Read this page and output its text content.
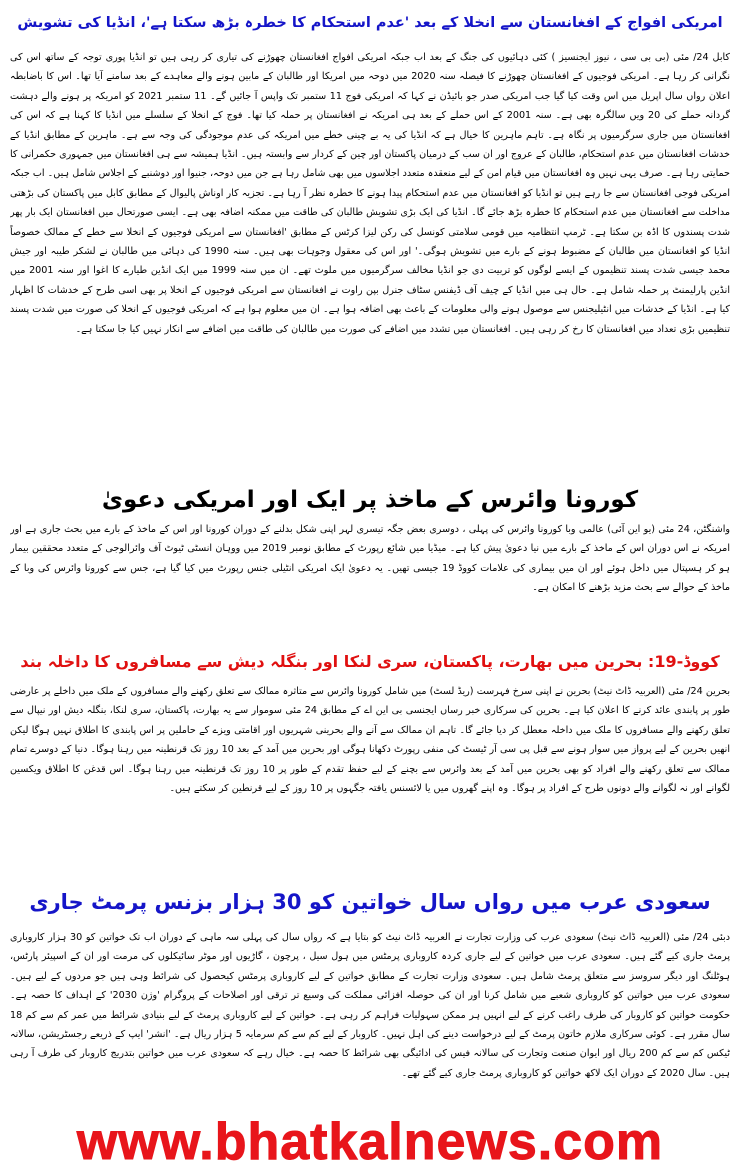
امریکی افواج کے افغانستان سے انخلا کے بعد 'عدم استحکام کا خطرہ بڑھ سکتا ہے'، انڈیا کی تشویش
کابل 24/ مئی (بی بی سی ، نیوز ایجنسیز ) کئی دہائیوں کی جنگ کے بعد اب جبکہ امریکی افواج افغانستان چھوڑنے کی تیاری کر رہی ہیں تو انڈیا پوری توجہ کے ساتھ اس کی نگرانی کر رہا ہے۔ امریکی فوجیوں کے افغانستان چھوڑنے کا فیصلہ سنہ 2020 میں دوحہ میں امریکا اور طالبان کے مابین ہونے والے معاہدے کے بعد سامنے آیا تھا۔ اس کا باضابطہ اعلان رواں سال اپریل میں اس وقت کیا گیا جب امریکی صدر جو بائیڈن نے کہا کہ امریکی فوج 11 ستمبر تک واپس آ جائیں گے۔ 11 ستمبر 2021 کو امریکہ پر ہونے والے دہشت گردانہ حملے کی 20 ویں سالگرہ بھی ہے۔ سنہ 2001 کے اس حملے کے بعد ہی امریکہ نے افغانستان پر حملہ کیا تھا۔ فوج کے انخلا کے سلسلے میں انڈیا کا کہنا ہے کہ اس کی افغانستان میں جاری سرگرمیوں پر نگاہ ہے۔ تاہم ماہرین کا خیال ہے کہ انڈیا کی یہ بے چینی خطے میں امریکہ کی عدم موجودگی کی وجہ سے ہے۔ ماہرین کے مطابق انڈیا کے خدشات افغانستان میں عدم استحکام، طالبان کے عروج اور ان سب کے درمیان پاکستان اور چین کے کردار سے وابستہ ہیں۔ انڈیا ہمیشہ سے ہی افغانستان میں جمہوری حکمرانی کا حمایتی رہا ہے۔ صرف یہی نہیں وہ افغانستان میں قیام امن کے لیے منعقدہ متعدد اجلاسوں میں بھی شامل رہا ہے جن میں دوحہ، جنیوا اور دوشنبے کے اجلاس شامل ہیں۔ اب جبکہ امریکی فوجی افغانستان سے جا رہے ہیں تو انڈیا کو افغانستان میں عدم استحکام پیدا ہونے کا خطرہ نظر آ رہا ہے۔ تجزیہ کار اوناش پالیوال کے مطابق کابل میں پاکستان کی بڑھتی مداخلت سے افغانستان میں عدم استحکام کا خطرہ بڑھ جائے گا۔ انڈیا کی ایک بڑی تشویش طالبان کی طاقت میں ممکنہ اضافہ بھی ہے۔ ایسی صورتحال میں افغانستان ایک بار پھر شدت پسندوں کا اڈہ بن سکتا ہے۔ ٹرمپ انتظامیہ میں قومی سلامتی کونسل کی رکن لیزا کرٹس کے مطابق 'افغانستان سے امریکی فوجیوں کے انخلا سے خطے کے ممالک خصوصاً انڈیا کو افغانستان میں طالبان کے مضبوط ہونے کے بارے میں تشویش ہوگی۔' اور اس کی معقول وجوہات بھی ہیں۔ سنہ 1990 کی دہائی میں طالبان نے لشکر طیبہ اور جیش محمد جیسی شدت پسند تنظیموں کے ایسے لوگوں کو تربیت دی جو انڈیا مخالف سرگرمیوں میں ملوث تھے۔ ان میں سنہ 1999 میں ایک انڈین طیارے کا اغوا اور سنہ 2001 میں انڈین پارلیمنٹ پر حملہ شامل ہے۔ حال ہی میں انڈیا کے چیف آف ڈیفنس سٹاف جنرل بپن راوت نے افغانستان سے امریکی فوجیوں کے انخلا پر بھی اسی طرح کے خدشات کا اظہار کیا ہے۔ انڈیا کے خدشات میں انٹیلیجنس سے موصول ہونے والی معلومات کے باعث بھی اضافہ ہوا ہے۔ ان میں معلوم ہوا ہے کہ امریکی فوجیوں کے انخلا کی صورت میں شدت پسند تنظیمیں بڑی تعداد میں افغانستان کا رخ کر رہی ہیں۔ افغانستان میں تشدد میں اضافے کی صورت میں طالبان کی طاقت میں اضافے سے انکار نہیں کیا جا سکتا ہے۔
کورونا وائرس کے ماخذ پر ایک اور امریکی دعویٰ
واشنگٹن، 24 مئی (یو این آئی) عالمی وبا کورونا وائرس کی پہلی ، دوسری بعض جگہ تیسری لہر اپنی شکل بدلنے کے دوران کورونا اور اس کے ماخذ کے بارے میں بحث جاری ہے اور امریکہ نے اس دوران اس کے ماخذ کے بارے میں نیا دعویٰ پیش کیا ہے۔ میڈیا میں شائع رپورٹ کے مطابق نومبر 2019 میں ووہان انسٹی ٹیوٹ آف وائرالوجی کے متعدد محققین بیمار ہو کر ہسپتال میں داخل ہوئے اور ان میں بیماری کی علامات کووڈ 19 جیسی تھیں۔ یہ دعویٰ ایک امریکی انٹیلی جنس رپورٹ میں کیا گیا ہے، جس سے کورونا وائرس کی وبا کے ماخذ کے حوالے سے بحث مزید بڑھنے کا امکان ہے۔
کووڈ-19: بحرین میں بھارت، پاکستان، سری لنکا اور بنگلہ دیش سے مسافروں کا داخلہ بند
بحرین 24/ مئی (العربیہ ڈاٹ نیٹ) بحرین نے اپنی سرخ فہرست (ریڈ لسٹ) میں شامل کورونا وائرس سے متاثرہ ممالک سے تعلق رکھنے والے مسافروں کے ملک میں داخلے پر عارضی طور پر پابندی عائد کرنے کا اعلان کیا ہے۔ بحرین کی سرکاری خبر رساں ایجنسی بی این اے کے مطابق 24 مئی سوموار سے یہ بھارت، پاکستان، سری لنکا، بنگلہ دیش اور نیپال سے تعلق رکھنے والے مسافروں کا ملک میں داخلہ معطل کر دیا جائے گا۔ تاہم ان ممالک سے آنے والے بحرینی شہریوں اور اقامتی ویزے کے حاملین پر اس پابندی کا اطلاق نہیں ہوگا لیکن انھیں بحرین کے لیے پرواز میں سوار ہونے سے قبل پی سی آر ٹیسٹ کی منفی رپورٹ دکھانا ہوگی اور بحرین میں آمد کے بعد 10 روز تک قرنطینہ میں رہنا ہوگا۔ دنیا کے دوسرے تمام ممالک سے تعلق رکھنے والے افراد کو بھی بحرین میں آمد کے بعد وائرس سے بچنے کے لیے حفظ تقدم کے طور پر 10 روز تک قرنطینہ میں رہنا ہوگا۔ اس قدغن کا اطلاق ویکسین لگوانے اور نہ لگوانے والے دونوں طرح کے افراد پر ہوگا۔ وہ اپنے گھروں میں یا لائسنس یافتہ جگہوں پر 10 روز کے لیے قرنطین کر سکتے ہیں۔
سعودی عرب میں رواں سال خواتین کو 30 ہزار بزنس پرمٹ جاری
دبئی 24/ مئی (العربیہ ڈاٹ نیٹ) سعودی عرب کی وزارت تجارت نے العربیہ ڈاٹ نیٹ کو بتایا ہے کہ رواں سال کی پہلی سہ ماہی کے دوران اب تک خواتین کو 30 ہزار کاروباری پرمٹ جاری کیے گئے ہیں۔ سعودی عرب میں خواتین کے لیے جاری کردہ کاروباری پرمٹس میں ہول سیل ، پرچون ، گاڑیوں اور موٹر سائیکلوں کی مرمت اور ان کے اسپیئر پارٹس، ہوٹلنگ اور دیگر سروسز سے متعلق پرمٹ شامل ہیں۔ سعودی وزارت تجارت کے مطابق خواتین کے لیے کاروباری پرمٹس کیحصول کی شرائط وہی ہیں جو مردوں کے لیے ہیں۔ سعودی عرب میں خواتین کو کاروباری شعبے میں شامل کرنا اور ان کی حوصلہ افزائی مملکت کی وسیع تر ترقی اور اصلاحات کے پروگرام 'وژن 2030' کے اہداف کا حصہ ہے۔ حکومت خواتین کو کاروبار کی طرف راغب کرنے کے لیے انہیں ہر ممکن سہولیات فراہم کر رہی ہے۔ خواتین کے لیے کاروباری پرمٹ کے لیے بنیادی شرائط میں عمر کم سے کم 18 سال مقرر ہے۔ کوئی سرکاری ملازم خاتون پرمٹ کے لیے درخواست دینے کی اہل نہیں۔ کاروبار کے لیے کم سے کم سرمایہ 5 ہزار ریال ہے۔ 'انشر' ایپ کے ذریعے رجسٹریشن، سالانہ ٹیکس کم سے کم 200 ریال اور ایوان صنعت وتجارت کی سالانہ فیس کی ادائیگی بھی شرائط کا حصہ ہے۔ خیال رہے کہ سعودی عرب میں خواتین بتدریج کاروبار کی طرف آ رہی ہیں۔ سال 2020 کے دوران ایک لاکھ خواتین کو کاروباری پرمٹ جاری کیے گئے تھے۔
www.bhatkalnews.com
